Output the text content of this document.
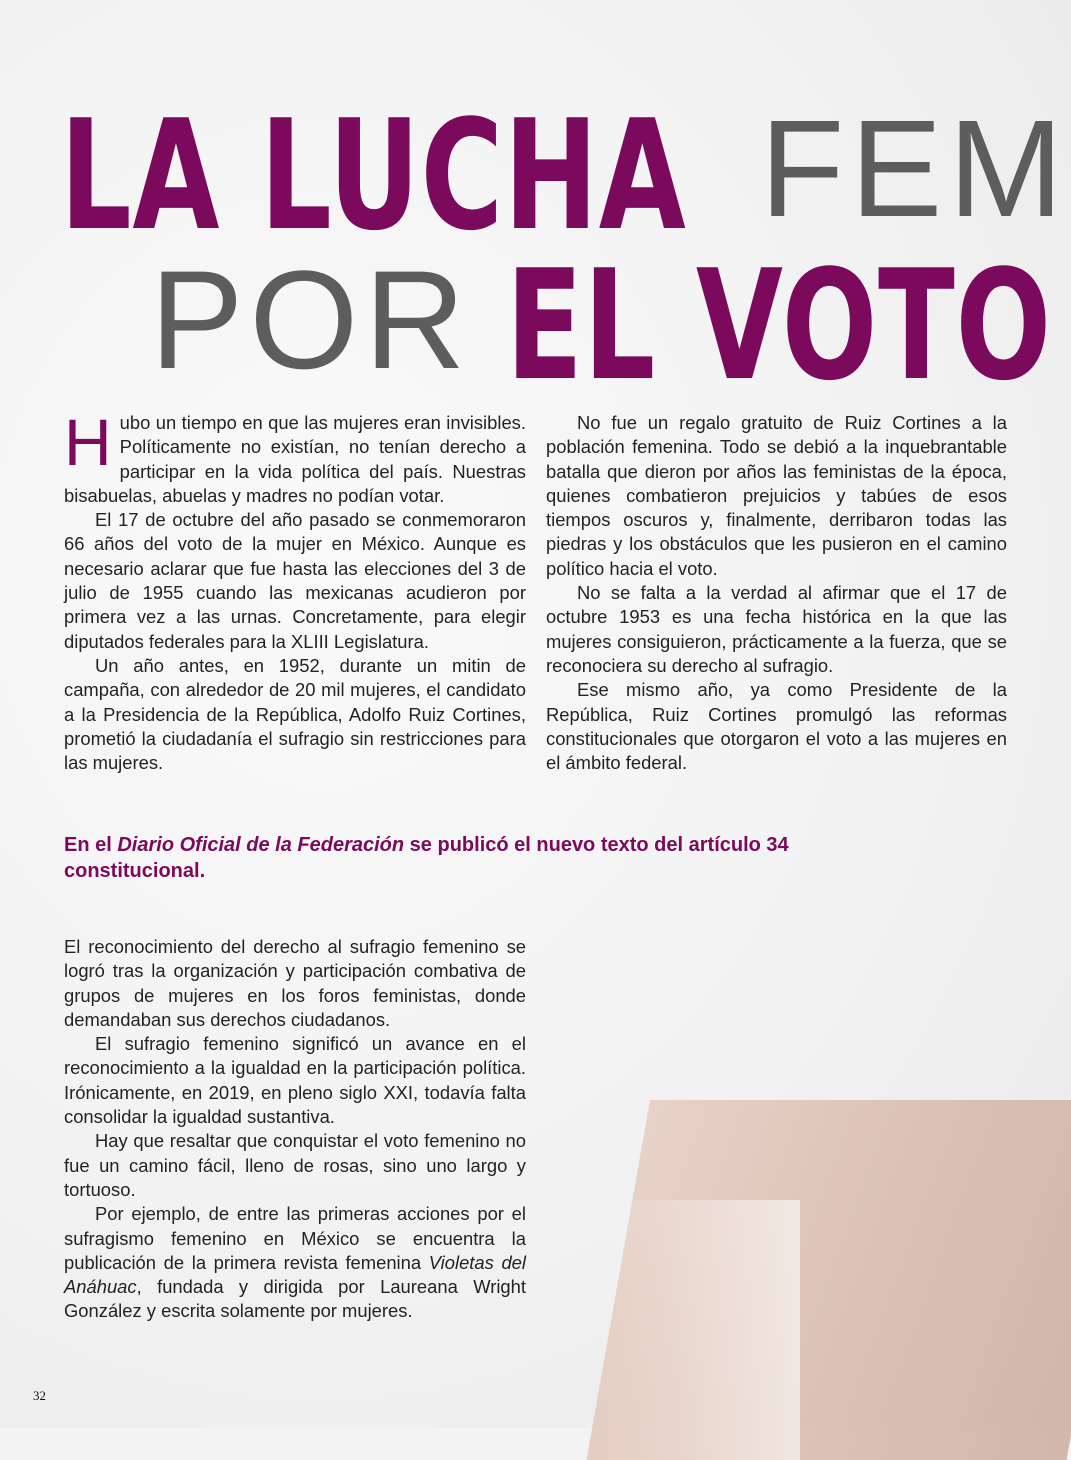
LA LUCHA FEM
POR EL VOTO

Hubo un tiempo en que las mujeres eran invisibles. Políticamente no existían, no tenían derecho a participar en la vida política del país. Nuestras bisabuelas, abuelas y madres no podían votar.

El 17 de octubre del año pasado se conmemoraron 66 años del voto de la mujer en México. Aunque es necesario aclarar que fue hasta las elecciones del 3 de julio de 1955 cuando las mexicanas acudieron por primera vez a las urnas. Concretamente, para elegir diputados federales para la XLIII Legislatura.

Un año antes, en 1952, durante un mitin de campaña, con alrededor de 20 mil mujeres, el candidato a la Presidencia de la República, Adolfo Ruiz Cortines, prometió la ciudadanía el sufragio sin restricciones para las mujeres.

No fue un regalo gratuito de Ruiz Cortines a la población femenina. Todo se debió a la inquebrantable batalla que dieron por años las feministas de la época, quienes combatieron prejuicios y tabúes de esos tiempos oscuros y, finalmente, derribaron todas las piedras y los obstáculos que les pusieron en el camino político hacia el voto.

No se falta a la verdad al afirmar que el 17 de octubre 1953 es una fecha histórica en la que las mujeres consiguieron, prácticamente a la fuerza, que se reconociera su derecho al sufragio.

Ese mismo año, ya como Presidente de la República, Ruiz Cortines promulgó las reformas constitucionales que otorgaron el voto a las mujeres en el ámbito federal.

En el Diario Oficial de la Federación se publicó el nuevo texto del artículo 34 constitucional.

El reconocimiento del derecho al sufragio femenino se logró tras la organización y participación combativa de grupos de mujeres en los foros feministas, donde demandaban sus derechos ciudadanos.

El sufragio femenino significó un avance en el reconocimiento a la igualdad en la participación política. Irónicamente, en 2019, en pleno siglo XXI, todavía falta consolidar la igualdad sustantiva.

Hay que resaltar que conquistar el voto femenino no fue un camino fácil, lleno de rosas, sino uno largo y tortuoso.

Por ejemplo, de entre las primeras acciones por el sufragismo femenino en México se encuentra la publicación de la primera revista femenina Violetas del Anáhuac, fundada y dirigida por Laureana Wright González y escrita solamente por mujeres.

32
